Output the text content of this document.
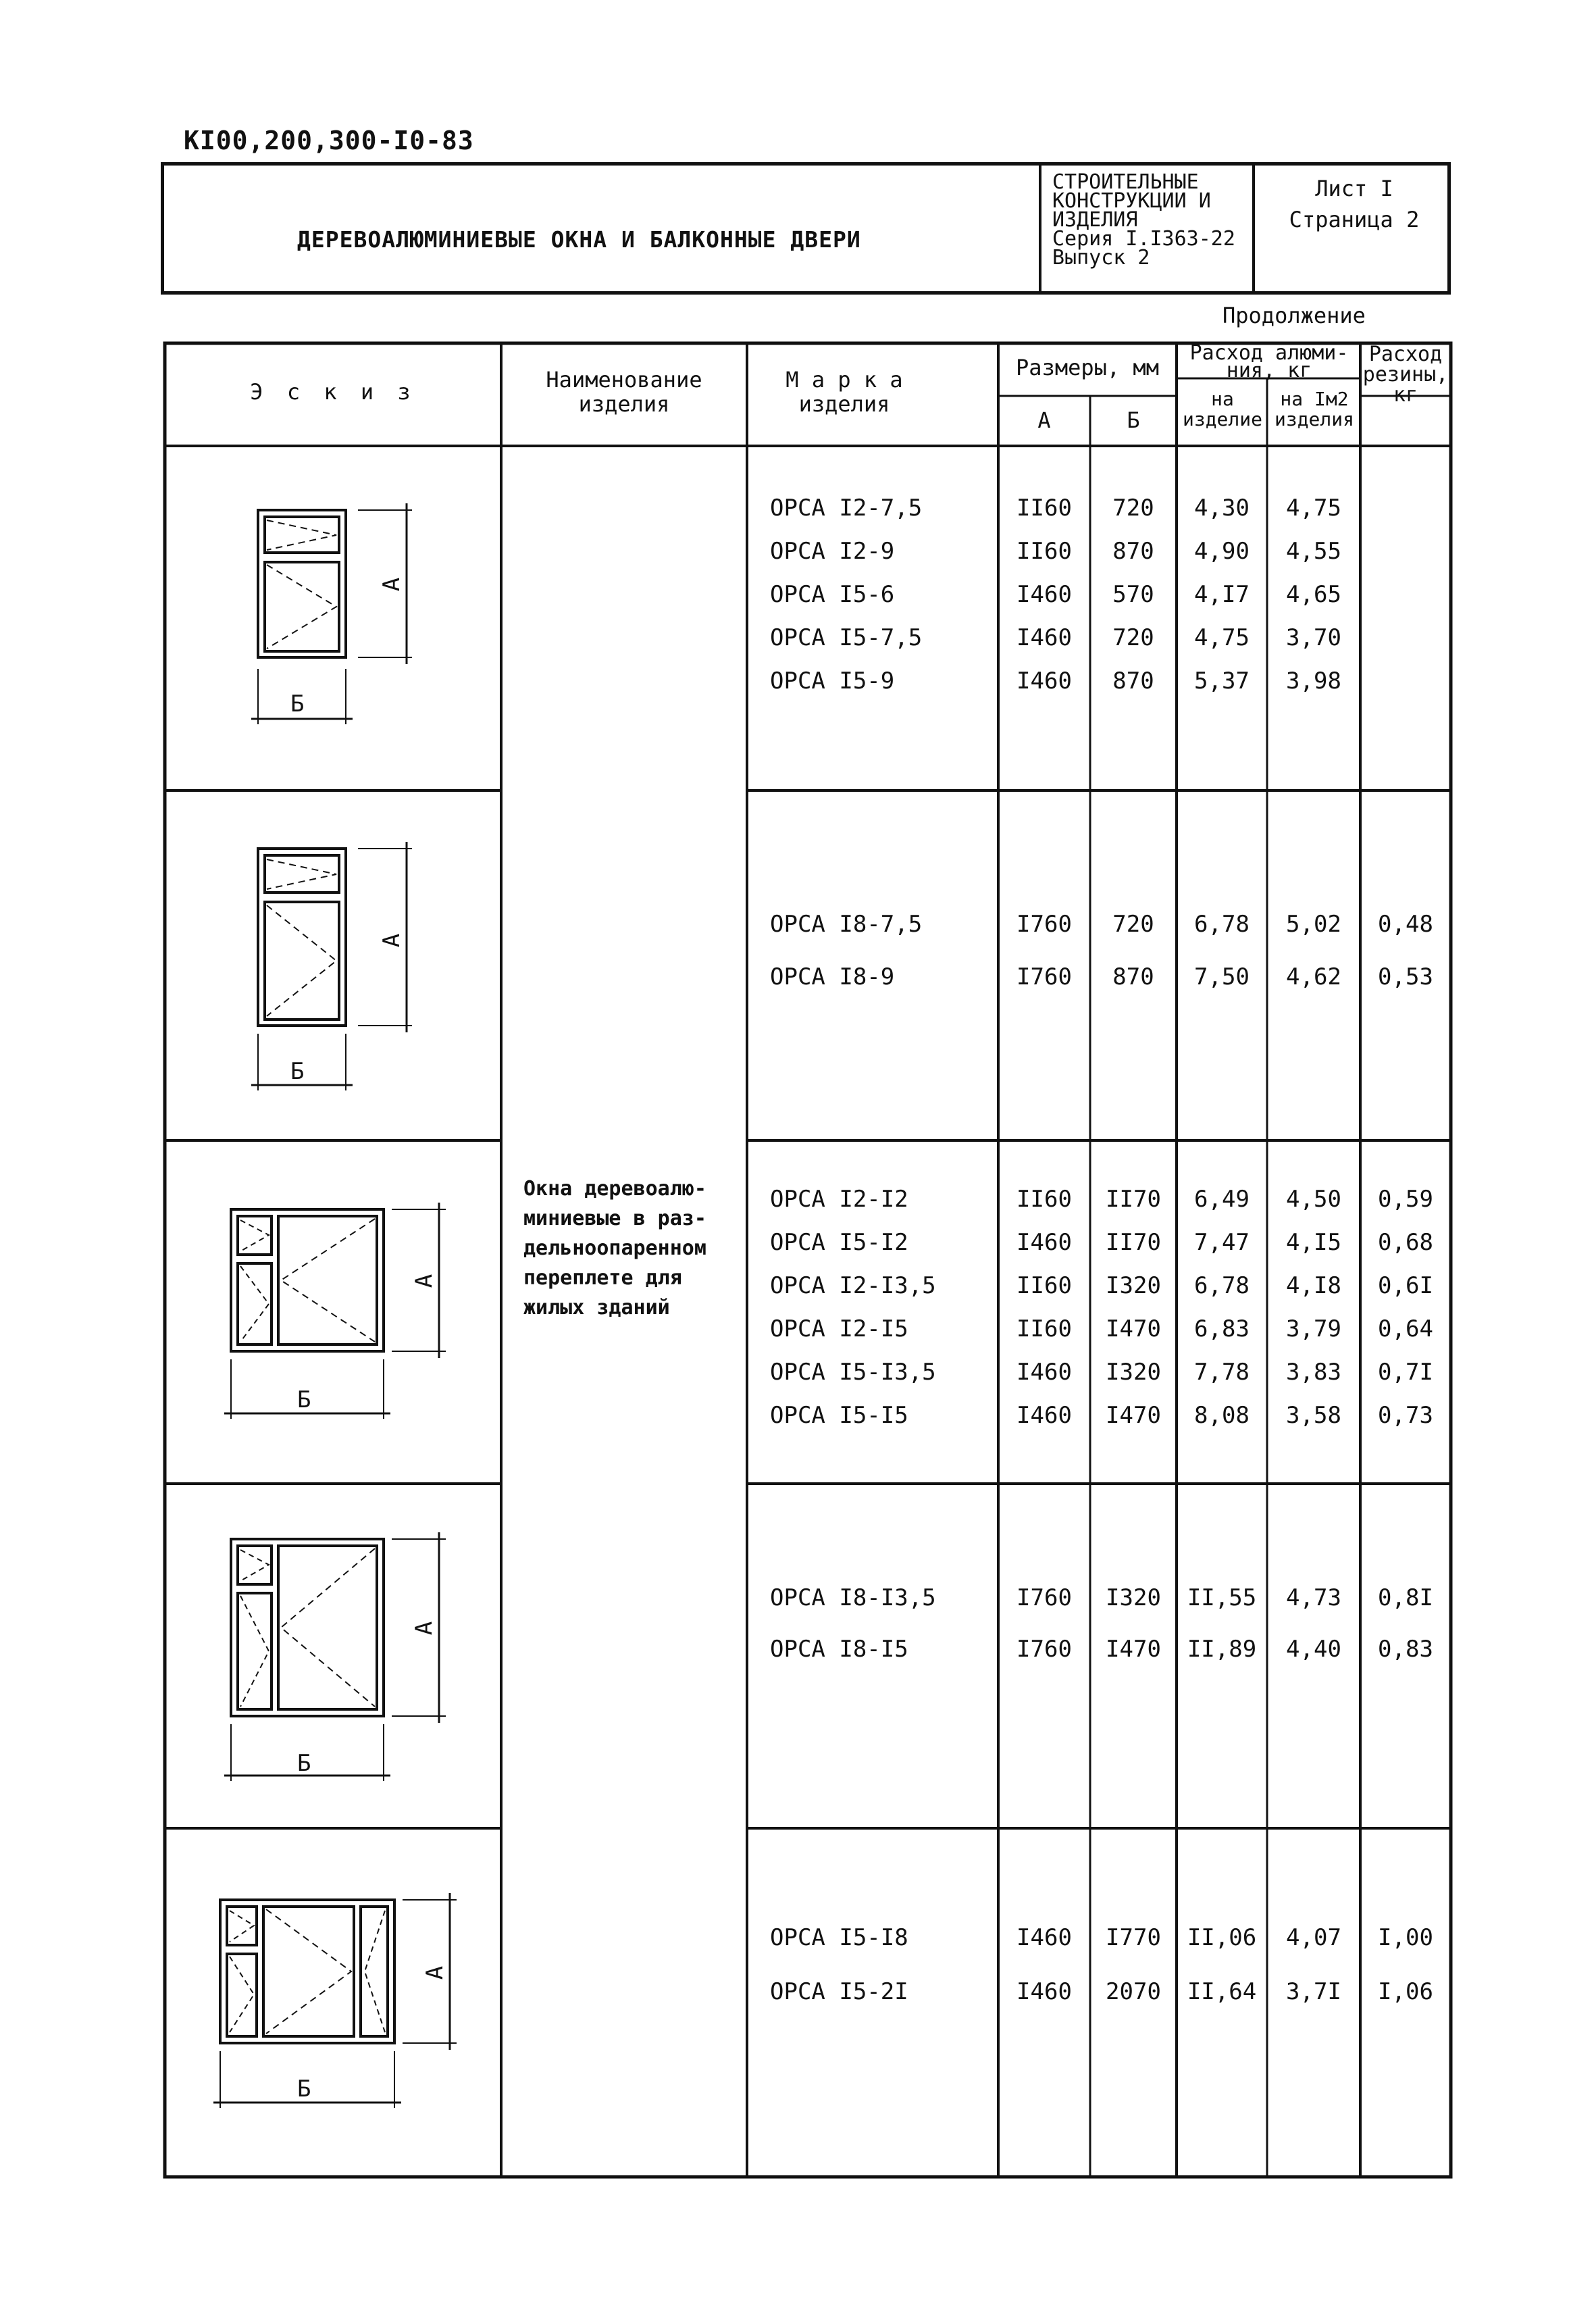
КI00,200,300-I0-83
ДЕРЕВОАЛЮМИНИЕВЫЕ ОКНА И БАЛКОННЫЕ ДВЕРИ
СТРОИТЕЛЬНЫЕ
КОНСТРУКЦИИ И
ИЗДЕЛИЯ
Серия I.I363-22
Выпуск 2
Лист I
Страница 2
Продолжение
А
Б
А
Б
А
Б
А
Б
А
Б
Э с к и з	Наименование изделия
М а р к а изделия
Размеры, мм
А	Б
Расход алюми-ния, кг
на изделие
на Iм2 изделия
Расход резины, кг
Окна деревоалю-миниевые в раз-дельноопаренном переплете для жилых зданий
ОРСА I2-7,5	II60	720	4,30	4,75
ОРСА I2-9	II60	870	4,90	4,55
ОРСА I5-6	I460	570	4,I7	4,65
ОРСА I5-7,5	I460	720	4,75	3,70
ОРСА I5-9	I460	870	5,37	3,98
ОРСА I8-7,5	I760	720	6,78	5,02	0,48
ОРСА I8-9	I760	870	7,50	4,62	0,53
ОРСА I2-I2	II60	II70	6,49	4,50	0,59
ОРСА I5-I2	I460	II70	7,47	4,I5	0,68
ОРСА I2-I3,5	II60	I320	6,78	4,I8	0,6I
ОРСА I2-I5	II60	I470	6,83	3,79	0,64
ОРСА I5-I3,5	I460	I320	7,78	3,83	0,7I
ОРСА I5-I5	I460	I470	8,08	3,58	0,73
ОРСА I8-I3,5	I760	I320	II,55	4,73	0,8I
ОРСА I8-I5	I760	I470	II,89	4,40	0,83
ОРСА I5-I8	I460	I770	II,06	4,07	I,00
ОРСА I5-2I	I460	2070	II,64	3,7I	I,06
